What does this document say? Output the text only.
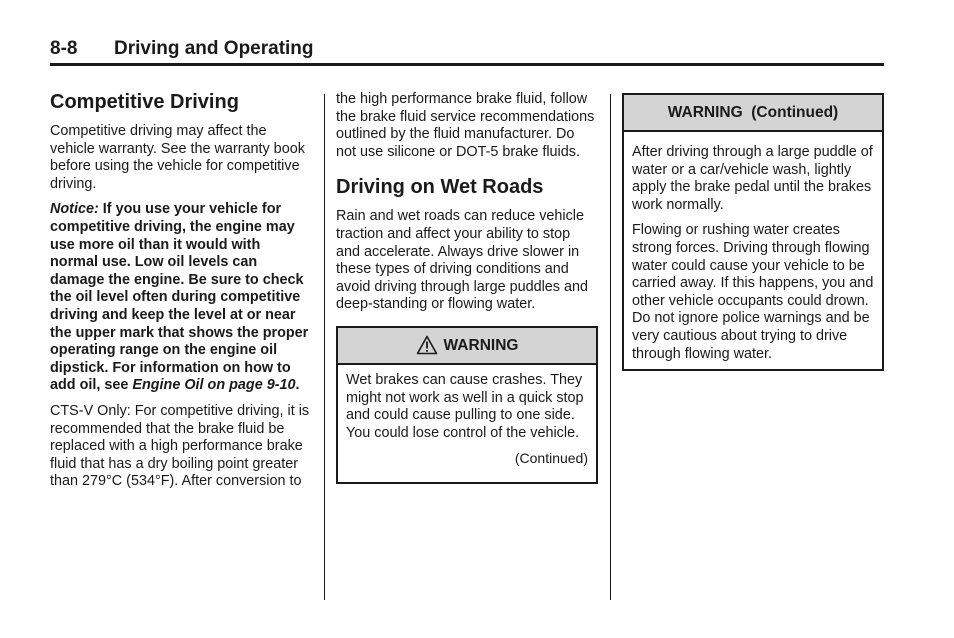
8-8 Driving and Operating
Competitive Driving

Competitive driving may affect the vehicle warranty. See the warranty book before using the vehicle for competitive driving.

Notice: If you use your vehicle for competitive driving, the engine may use more oil than it would with normal use. Low oil levels can damage the engine. Be sure to check the oil level often during competitive driving and keep the level at or near the upper mark that shows the proper operating range on the engine oil dipstick. For information on how to add oil, see Engine Oil on page 9-10.

CTS-V Only: For competitive driving, it is recommended that the brake fluid be replaced with a high performance brake fluid that has a dry boiling point greater than 279°C (534°F). After conversion to

the high performance brake fluid, follow the brake fluid service recommendations outlined by the fluid manufacturer. Do not use silicone or DOT-5 brake fluids.

Driving on Wet Roads

Rain and wet roads can reduce vehicle traction and affect your ability to stop and accelerate. Always drive slower in these types of driving conditions and avoid driving through large puddles and deep-standing or flowing water.

WARNING

Wet brakes can cause crashes. They might not work as well in a quick stop and could cause pulling to one side. You could lose control of the vehicle.

(Continued)

WARNING  (Continued)

After driving through a large puddle of water or a car/vehicle wash, lightly apply the brake pedal until the brakes work normally.

Flowing or rushing water creates strong forces. Driving through flowing water could cause your vehicle to be carried away. If this happens, you and other vehicle occupants could drown. Do not ignore police warnings and be very cautious about trying to drive through flowing water.
